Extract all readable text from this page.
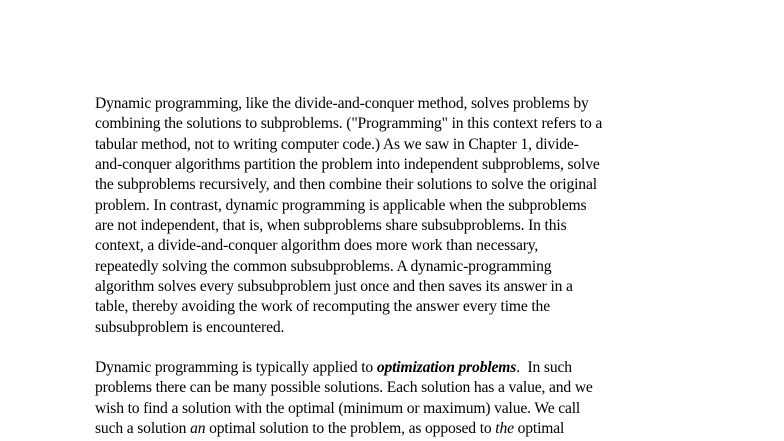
Dynamic programming, like the divide-and-conquer method, solves problems by
combining the solutions to subproblems. ("Programming" in this context refers to a
tabular method, not to writing computer code.) As we saw in Chapter 1, divide-
and-conquer algorithms partition the problem into independent subproblems, solve
the subproblems recursively, and then combine their solutions to solve the original
problem. In contrast, dynamic programming is applicable when the subproblems
are not independent, that is, when subproblems share subsubproblems. In this
context, a divide-and-conquer algorithm does more work than necessary,
repeatedly solving the common subsubproblems. A dynamic-programming
algorithm solves every subsubproblem just once and then saves its answer in a
table, thereby avoiding the work of recomputing the answer every time the
subsubproblem is encountered.
Dynamic programming is typically applied to optimization problems.  In such
problems there can be many possible solutions. Each solution has a value, and we
wish to find a solution with the optimal (minimum or maximum) value. We call
such a solution an optimal solution to the problem, as opposed to the optimal
